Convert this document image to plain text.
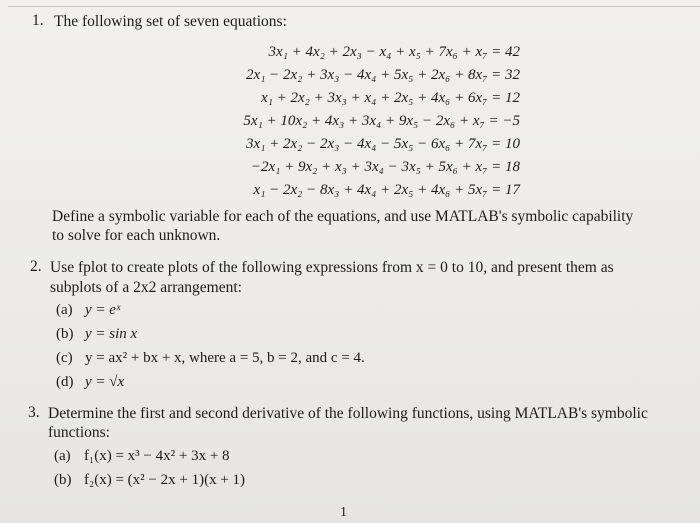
1. The following set of seven equations:
3x₁ + 4x₂ + 2x₃ − x₄ + x₅ + 7x₆ + x₇ = 42
2x₁ − 2x₂ + 3x₃ − 4x₄ + 5x₅ + 2x₆ + 8x₇ = 32
x₁ + 2x₂ + 3x₃ + x₄ + 2x₅ + 4x₆ + 6x₇ = 12
5x₁ + 10x₂ + 4x₃ + 3x₄ + 9x₅ − 2x₆ + x₇ = −5
3x₁ + 2x₂ − 2x₃ − 4x₄ − 5x₅ − 6x₆ + 7x₇ = 10
−2x₁ + 9x₂ + x₃ + 3x₄ − 3x₅ + 5x₆ + x₇ = 18
x₁ − 2x₂ − 8x₃ + 4x₄ + 2x₅ + 4x₆ + 5x₇ = 17
Define a symbolic variable for each of the equations, and use MATLAB's symbolic capability
to solve for each unknown.
2. Use fplot to create plots of the following expressions from x = 0 to 10, and present them as
subplots of a 2x2 arrangement:
(a) y = eˣ
(b) y = sin x
(c) y = ax² + bx + x, where a = 5, b = 2, and c = 4.
(d) y = √x
3. Determine the first and second derivative of the following functions, using MATLAB's symbolic
functions:
(a) f₁(x) = x³ − 4x² + 3x + 8
(b) f₂(x) = (x² − 2x + 1)(x + 1)
1
